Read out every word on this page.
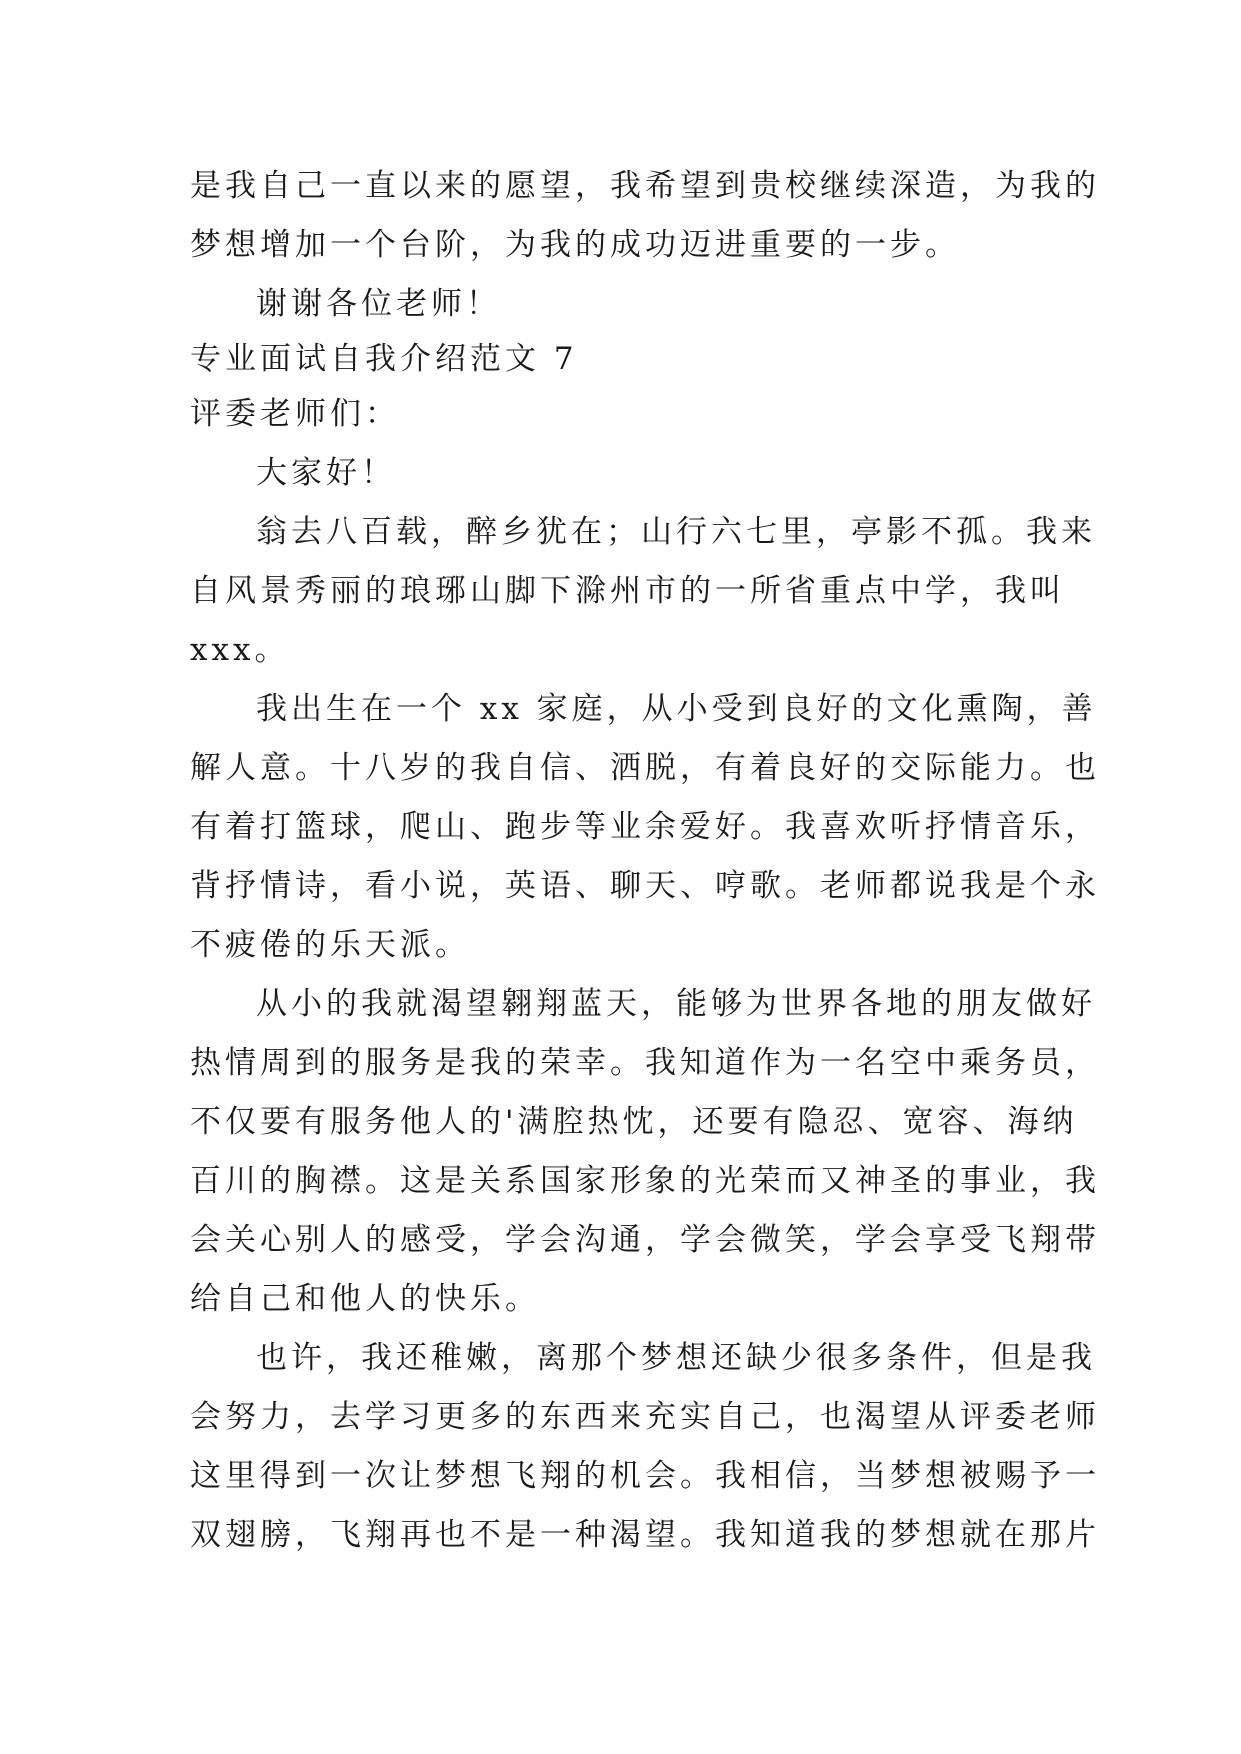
是我自己一直以来的愿望，我希望到贵校继续深造，为我的
梦想增加一个台阶，为我的成功迈进重要的一步。
谢谢各位老师！
专业面试自我介绍范文 7
评委老师们：
大家好！
翁去八百载，醉乡犹在；山行六七里，亭影不孤。我来
自风景秀丽的琅琊山脚下滁州市的一所省重点中学，我叫
xxx。
我出生在一个 xx 家庭，从小受到良好的文化熏陶，善
解人意。十八岁的我自信、洒脱，有着良好的交际能力。也
有着打篮球，爬山、跑步等业余爱好。我喜欢听抒情音乐，
背抒情诗，看小说，英语、聊天、哼歌。老师都说我是个永
不疲倦的乐天派。
从小的我就渴望翱翔蓝天，能够为世界各地的朋友做好
热情周到的服务是我的荣幸。我知道作为一名空中乘务员，
不仅要有服务他人的'满腔热忱，还要有隐忍、宽容、海纳
百川的胸襟。这是关系国家形象的光荣而又神圣的事业，我
会关心别人的感受，学会沟通，学会微笑，学会享受飞翔带
给自己和他人的快乐。
也许，我还稚嫩，离那个梦想还缺少很多条件，但是我
会努力，去学习更多的东西来充实自己，也渴望从评委老师
这里得到一次让梦想飞翔的机会。我相信，当梦想被赐予一
双翅膀，飞翔再也不是一种渴望。我知道我的梦想就在那片
